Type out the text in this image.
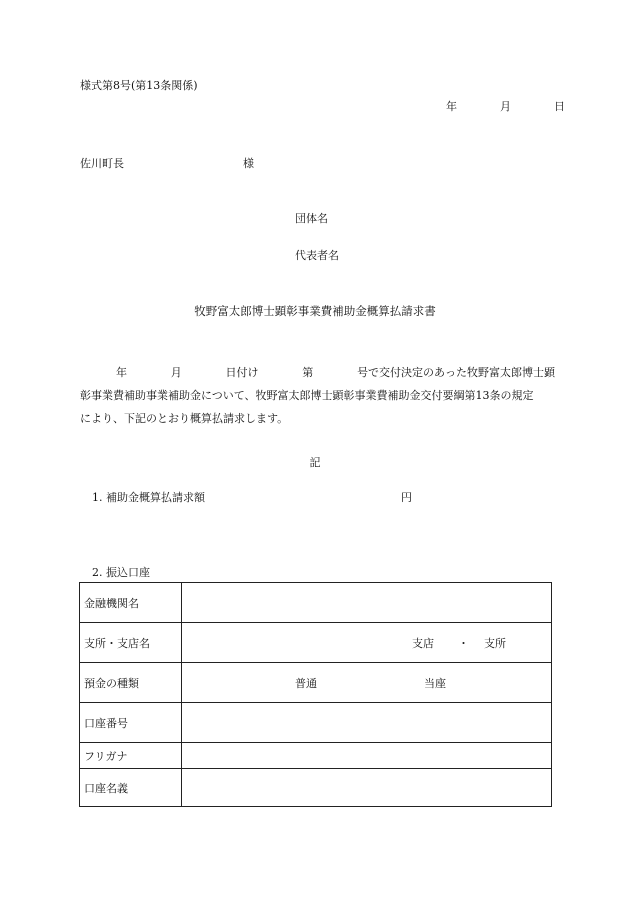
様式第8号(第13条関係)
年	月	日
佐川町長	様
団体名
代表者名
牧野富太郎博士顕彰事業費補助金概算払請求書
年	月	日付け	第	号で交付決定のあった牧野富太郎博士顕
彰事業費補助事業補助金について、牧野富太郎博士顕彰事業費補助金交付要綱第13条の規定
により、下記のとおり概算払請求します。
記
1. 補助金概算払請求額	円
2. 振込口座
金融機関名	
支所・支店名	支店 ・ 支所

預金の種類	普通 当座

口座番号	
フリガナ	
口座名義	
